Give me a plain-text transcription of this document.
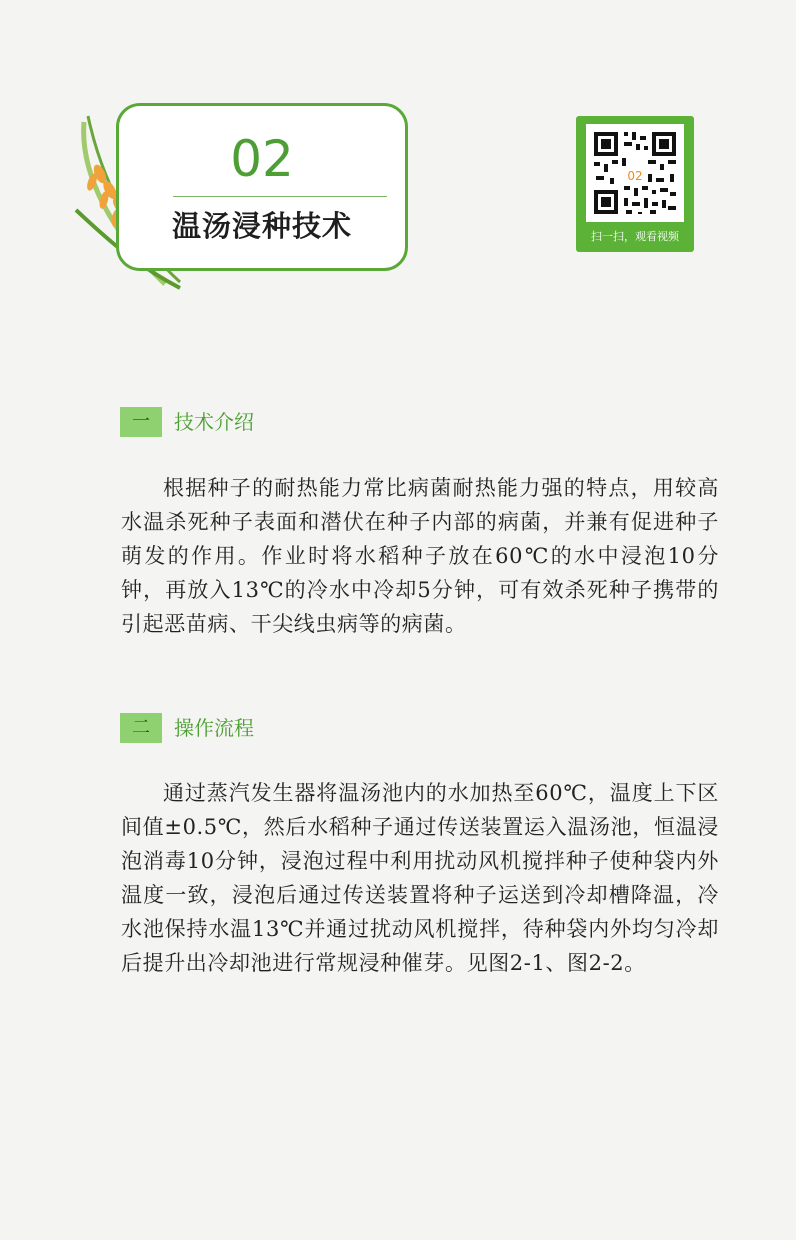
02
温汤浸种技术
02
扫一扫，观看视频
一	技术介绍
根据种子的耐热能力常比病菌耐热能力强的特点，用较高水温杀死种子表面和潜伏在种子内部的病菌，并兼有促进种子萌发的作用。作业时将水稻种子放在60℃的水中浸泡10分钟，再放入13℃的冷水中冷却5分钟，可有效杀死种子携带的引起恶苗病、干尖线虫病等的病菌。
二	操作流程
通过蒸汽发生器将温汤池内的水加热至60℃，温度上下区间值±0.5℃，然后水稻种子通过传送装置运入温汤池，恒温浸泡消毒10分钟，浸泡过程中利用扰动风机搅拌种子使种袋内外温度一致，浸泡后通过传送装置将种子运送到冷却槽降温，冷水池保持水温13℃并通过扰动风机搅拌，待种袋内外均匀冷却后提升出冷却池进行常规浸种催芽。见图2-1、图2-2。
